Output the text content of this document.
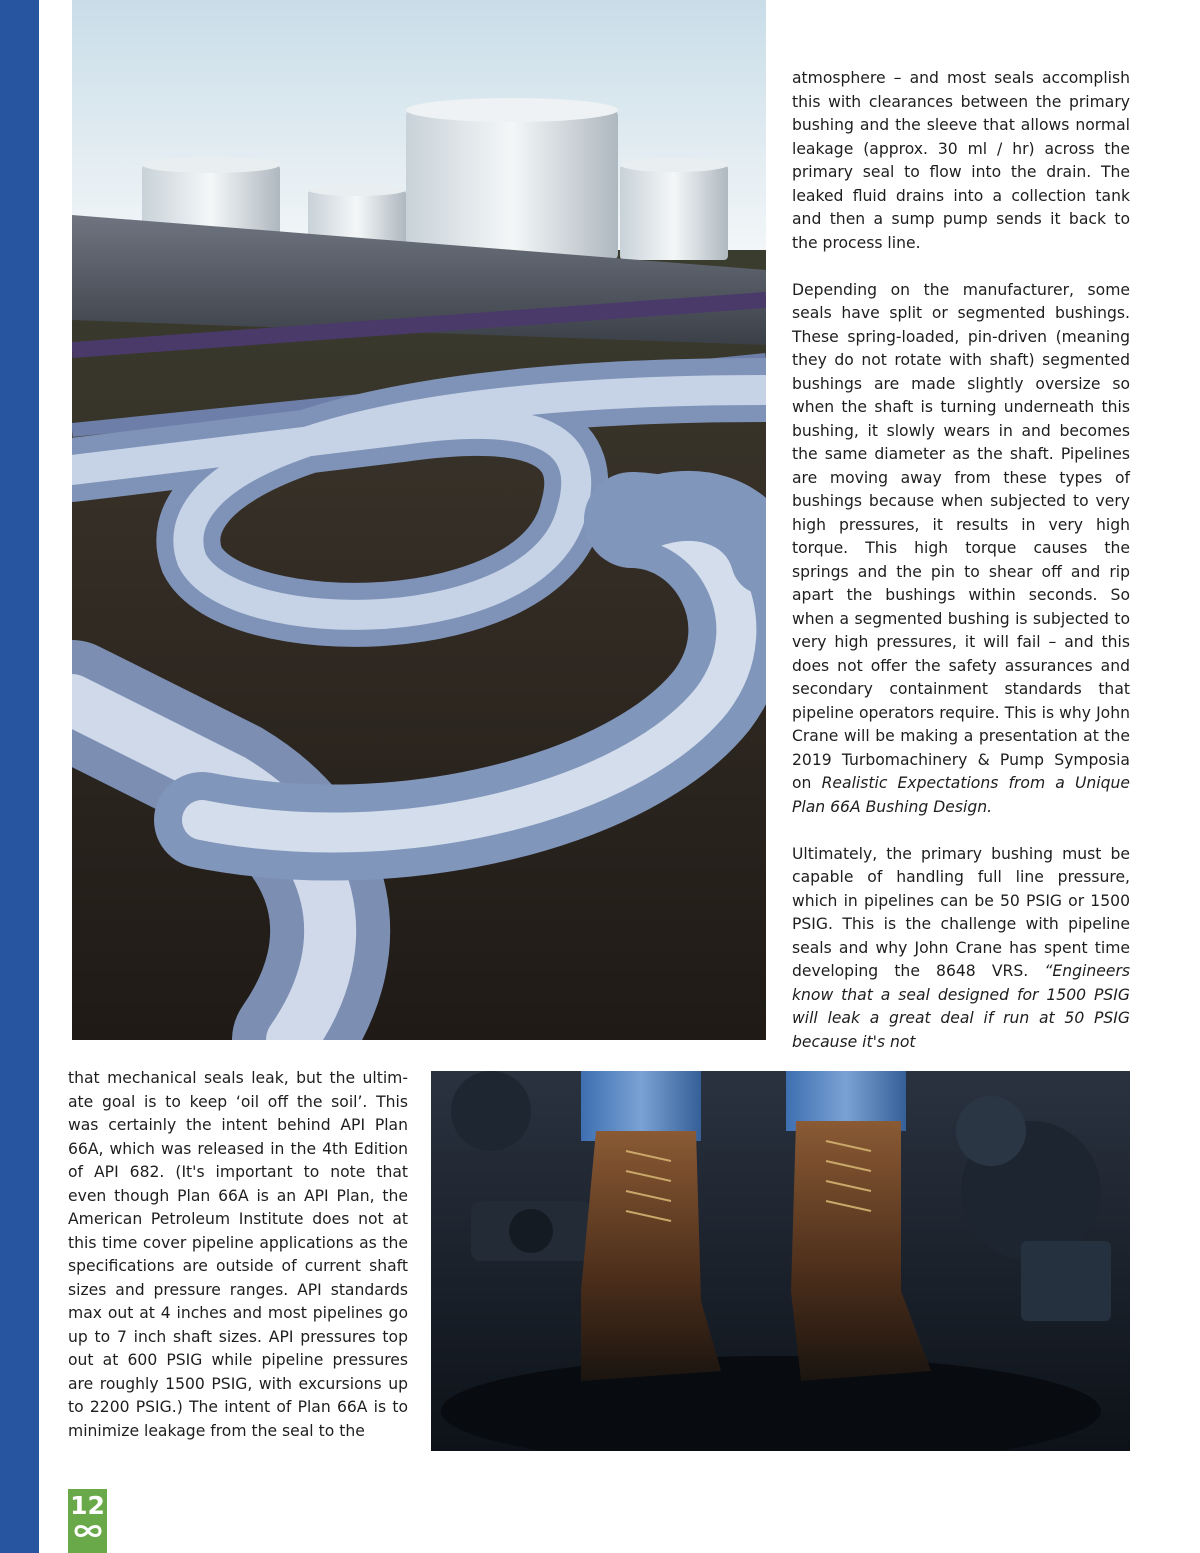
atmosphere – and most seals accomplish this with clearances between the primary bushing and the sleeve that allows normal leakage (approx. 30 ml / hr) across the primary seal to flow into the drain. The leaked fluid drains into a collection tank and then a sump pump sends it back to the process line.

Depending on the manufacturer, some seals have split or segmented bushings. These spring-loaded, pin-driven (meaning they do not rotate with shaft) segmented bushings are made slightly oversize so when the shaft is turning underneath this bushing, it slowly wears in and becomes the same diameter as the shaft. Pipelines are moving away from these types of bushings because when subjected to very high pressures, it results in very high torque. This high torque causes the springs and the pin to shear off and rip apart the bushings within seconds. So when a segmented bushing is subjected to very high pressures, it will fail – and this does not offer the safety assurances and secondary containment standards that pipeline operators require. This is why John Crane will be making a presentation at the 2019 Turbomachinery & Pump Symposia on Realistic Expectations from a Unique Plan 66A Bushing Design.

Ultimately, the primary bushing must be capable of handling full line pressure, which in pipelines can be 50 PSIG or 1500 PSIG. This is the challenge with pipeline seals and why John Crane has spent time developing the 8648 VRS. “Engineers know that a seal designed for 1500 PSIG will leak a great deal if run at 50 PSIG because it's not

that mechanical seals leak, but the ultimate goal is to keep ‘oil off the soil’. This was certainly the intent behind API Plan 66A, which was released in the 4th Edition of API 682. (It's important to note that even though Plan 66A is an API Plan, the American Petroleum Institute does not at this time cover pipeline applications as the specifications are outside of current shaft sizes and pressure ranges. API standards max out at 4 inches and most pipelines go up to 7 inch shaft sizes. API pressures top out at 600 PSIG while pipeline pressures are roughly 1500 PSIG, with excursions up to 2200 PSIG.) The intent of Plan 66A is to minimize leakage from the seal to the

12
